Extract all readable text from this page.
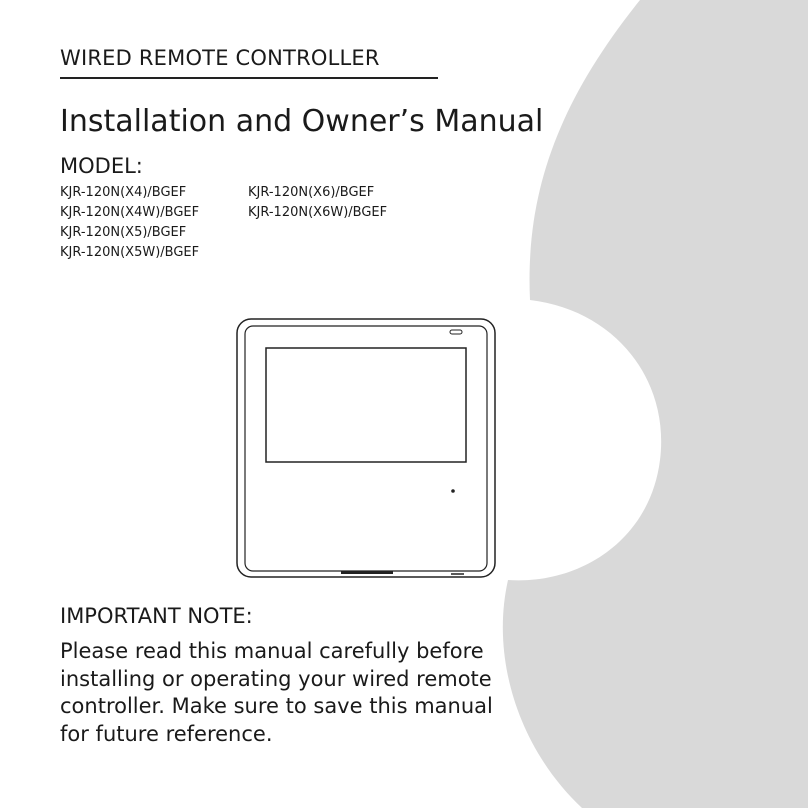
WIRED REMOTE CONTROLLER
Installation and Owner’s Manual
MODEL:
KJR-120N(X4)/BGEF
KJR-120N(X4W)/BGEF
KJR-120N(X5)/BGEF
KJR-120N(X5W)/BGEF
KJR-120N(X6)/BGEF
KJR-120N(X6W)/BGEF
IMPORTANT NOTE:
Please read this manual carefully before installing or operating your wired remote controller. Make sure to save this manual for future reference.
